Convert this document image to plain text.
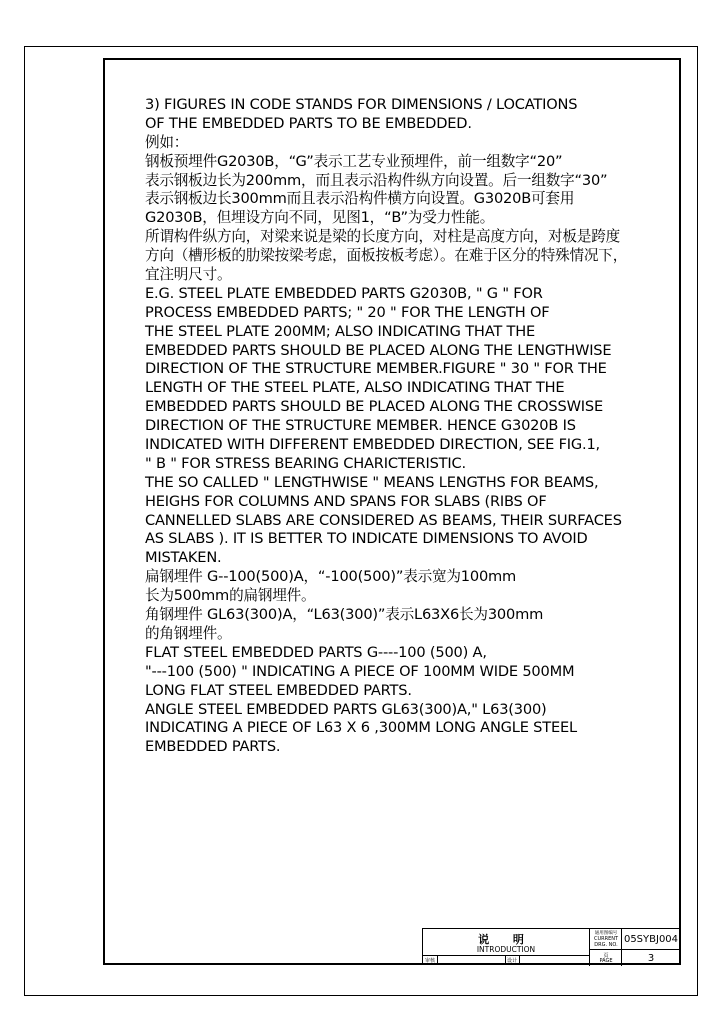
3) FIGURES IN CODE STANDS FOR DIMENSIONS / LOCATIONS
OF THE EMBEDDED PARTS TO BE EMBEDDED.
例如：
钢板预埋件G2030B，“G”表示工艺专业预埋件，前一组数字“20”
表示钢板边长为200mm，而且表示沿构件纵方向设置。后一组数字“30”
表示钢板边长300mm而且表示沿构件横方向设置。G3020B可套用
G2030B，但埋设方向不同，见图1，“B”为受力性能。
所谓构件纵方向，对梁来说是梁的长度方向，对柱是高度方向，对板是跨度
方向（槽形板的肋梁按梁考虑，面板按板考虑）。在难于区分的特殊情况下，
宜注明尺寸。
E.G. STEEL PLATE EMBEDDED PARTS G2030B, " G " FOR
PROCESS EMBEDDED PARTS; " 20 " FOR THE LENGTH OF
THE STEEL PLATE 200MM; ALSO INDICATING THAT THE
EMBEDDED PARTS SHOULD BE PLACED ALONG THE LENGTHWISE
DIRECTION OF THE STRUCTURE MEMBER.FIGURE " 30 " FOR THE
LENGTH OF THE STEEL PLATE, ALSO INDICATING THAT THE
EMBEDDED PARTS SHOULD BE PLACED ALONG THE CROSSWISE
DIRECTION OF THE STRUCTURE MEMBER. HENCE G3020B IS
INDICATED WITH DIFFERENT EMBEDDED DIRECTION, SEE FIG.1,
" B " FOR STRESS BEARING CHARICTERISTIC.
THE SO CALLED " LENGTHWISE " MEANS LENGTHS FOR BEAMS,
HEIGHS FOR COLUMNS AND SPANS FOR SLABS (RIBS OF
CANNELLED SLABS ARE CONSIDERED AS BEAMS, THEIR SURFACES
AS SLABS ). IT IS BETTER TO INDICATE DIMENSIONS TO AVOID
MISTAKEN.
扁钢埋件 G--100(500)A，“-100(500)”表示宽为100mm
长为500mm的扁钢埋件。
角钢埋件 GL63(300)A，“L63(300)”表示L63X6长为300mm
的角钢埋件。
FLAT STEEL EMBEDDED PARTS G----100 (500) A,
"---100 (500) " INDICATING A PIECE OF 100MM WIDE 500MM
LONG FLAT STEEL EMBEDDED PARTS.
ANGLE STEEL EMBEDDED PARTS GL63(300)A," L63(300)
INDICATING A PIECE OF L63 X 6 ,300MM LONG ANGLE STEEL
EMBEDDED PARTS.
说 明
INTRODUCTION
审核	设计
通用图编号
CURRENT
DRG. NO. 05SYBJ004
页
PAGE	3
